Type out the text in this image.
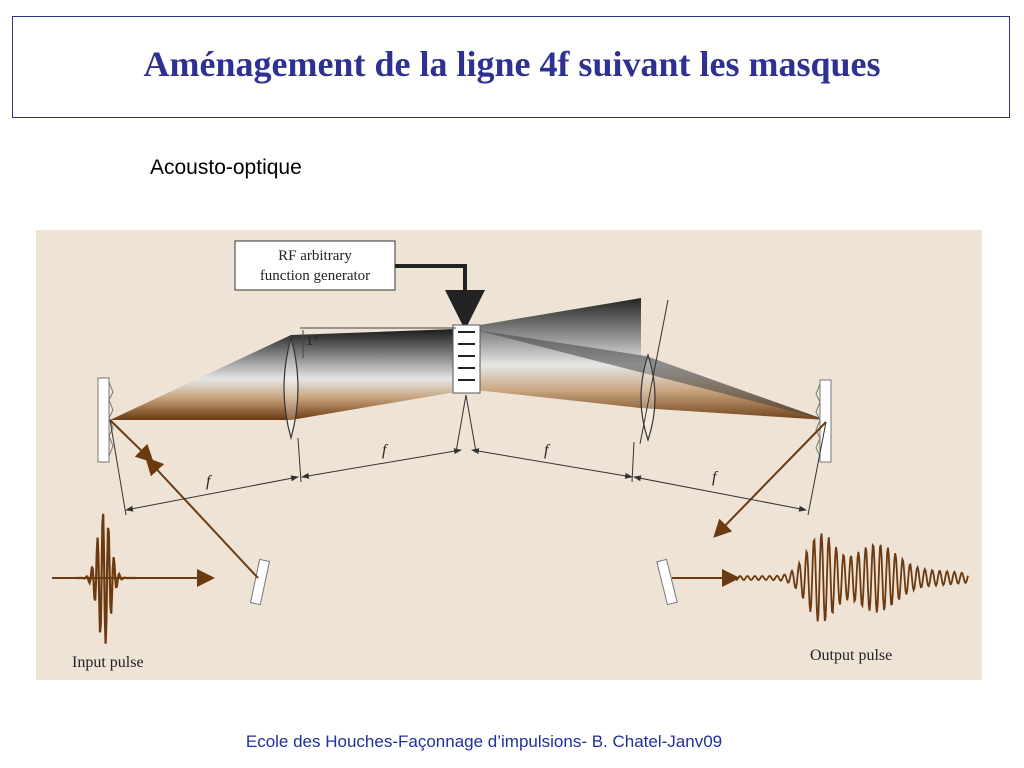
Aménagement de la ligne 4f suivant les masques
Acousto-optique
RF arbitrary
function generator
1°
f
f	f
f
Input pulse	Output pulse
Ecole des Houches-Façonnage d’impulsions- B. Chatel-Janv09
